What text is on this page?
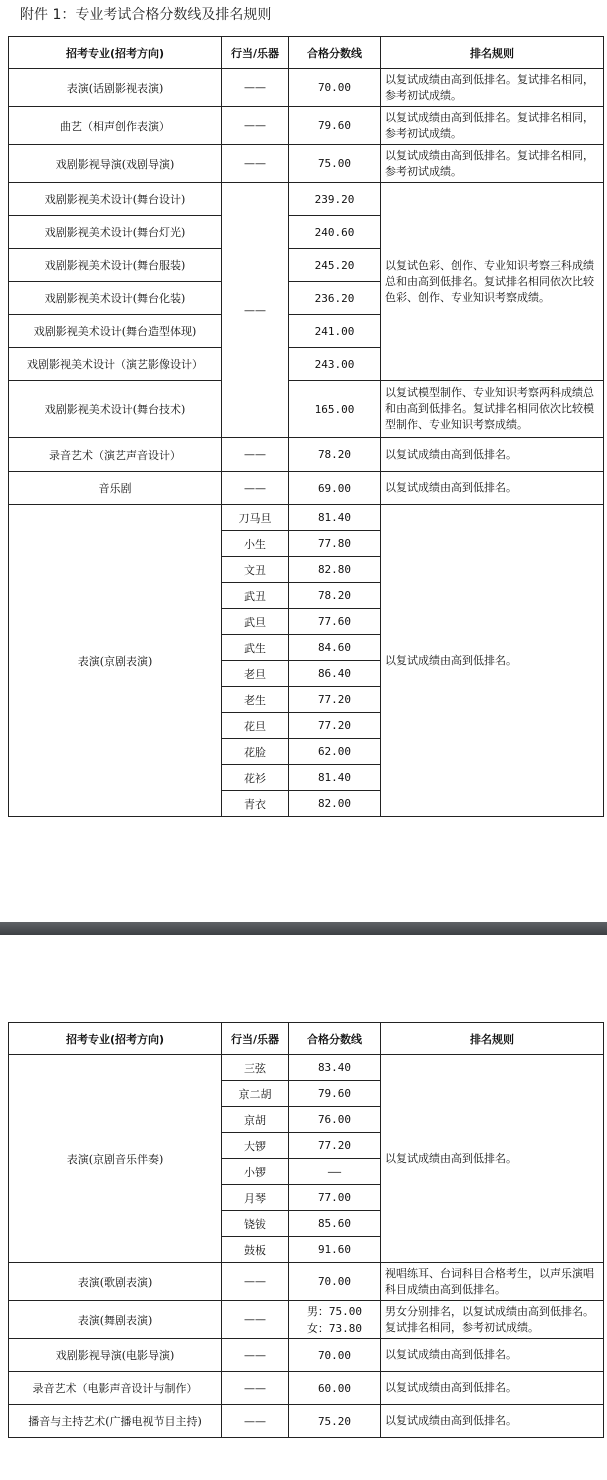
附件 1：专业考试合格分数线及排名规则
招考专业(招考方向)	行当/乐器	合格分数线	排名规则
表演(话剧影视表演)	——	70.00	以复试成绩由高到低排名。复试排名相同，参考初试成绩。
曲艺（相声创作表演）	——	79.60	以复试成绩由高到低排名。复试排名相同，参考初试成绩。
戏剧影视导演(戏剧导演)	——	75.00	以复试成绩由高到低排名。复试排名相同，参考初试成绩。
戏剧影视美术设计(舞台设计)	——	239.20	以复试色彩、创作、专业知识考察三科成绩总和由高到低排名。复试排名相同依次比较色彩、创作、专业知识考察成绩。
戏剧影视美术设计(舞台灯光)		240.60	
戏剧影视美术设计(舞台服装)		245.20	
戏剧影视美术设计(舞台化装)		236.20	
戏剧影视美术设计(舞台造型体现)		241.00	
戏剧影视美术设计（演艺影像设计）		243.00	
戏剧影视美术设计(舞台技术)		165.00	以复试模型制作、专业知识考察两科成绩总和由高到低排名。复试排名相同依次比较模型制作、专业知识考察成绩。
录音艺术（演艺声音设计）	——	78.20	以复试成绩由高到低排名。
音乐剧	——	69.00	以复试成绩由高到低排名。
表演(京剧表演)	刀马旦	81.40	以复试成绩由高到低排名。
	小生	77.80	
	文丑	82.80	
	武丑	78.20	
	武旦	77.60	
	武生	84.60	
	老旦	86.40	
	老生	77.20	
	花旦	77.20	
	花脸	62.00	
	花衫	81.40	
	青衣	82.00	
招考专业(招考方向)	行当/乐器	合格分数线	排名规则
表演(京剧音乐伴奏)	三弦	83.40	以复试成绩由高到低排名。
	京二胡	79.60	
	京胡	76.00	
	大锣	77.20	
	小锣	——	
	月琴	77.00	
	铙钹	85.60	
	鼓板	91.60	
表演(歌剧表演)	——	70.00	视唱练耳、台词科目合格考生，以声乐演唱科目成绩由高到低排名。
表演(舞剧表演)	——	男：75.00
女：73.80	男女分别排名，以复试成绩由高到低排名。复试排名相同，参考初试成绩。
戏剧影视导演(电影导演)	——	70.00	以复试成绩由高到低排名。
录音艺术（电影声音设计与制作）	——	60.00	以复试成绩由高到低排名。
播音与主持艺术(广播电视节目主持)	——	75.20	以复试成绩由高到低排名。
